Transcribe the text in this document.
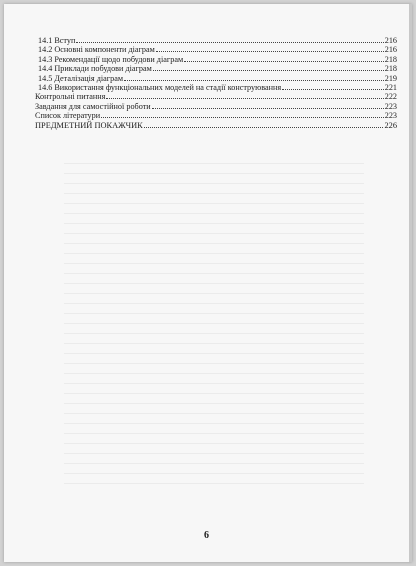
14.1 Вступ	216
14.2 Основні компоненти діаграм	216
14.3 Рекомендації щодо побудови діаграм	218
14.4 Приклади побудови діаграм	218
14.5 Деталізація діаграм	219
14.6 Використання функціональних моделей на стадії конструювання	221
Контрольні питання	222
Завдання для самостійної роботи	223
Список літератури	223
ПРЕДМЕТНИЙ ПОКАЖЧИК	226
6
